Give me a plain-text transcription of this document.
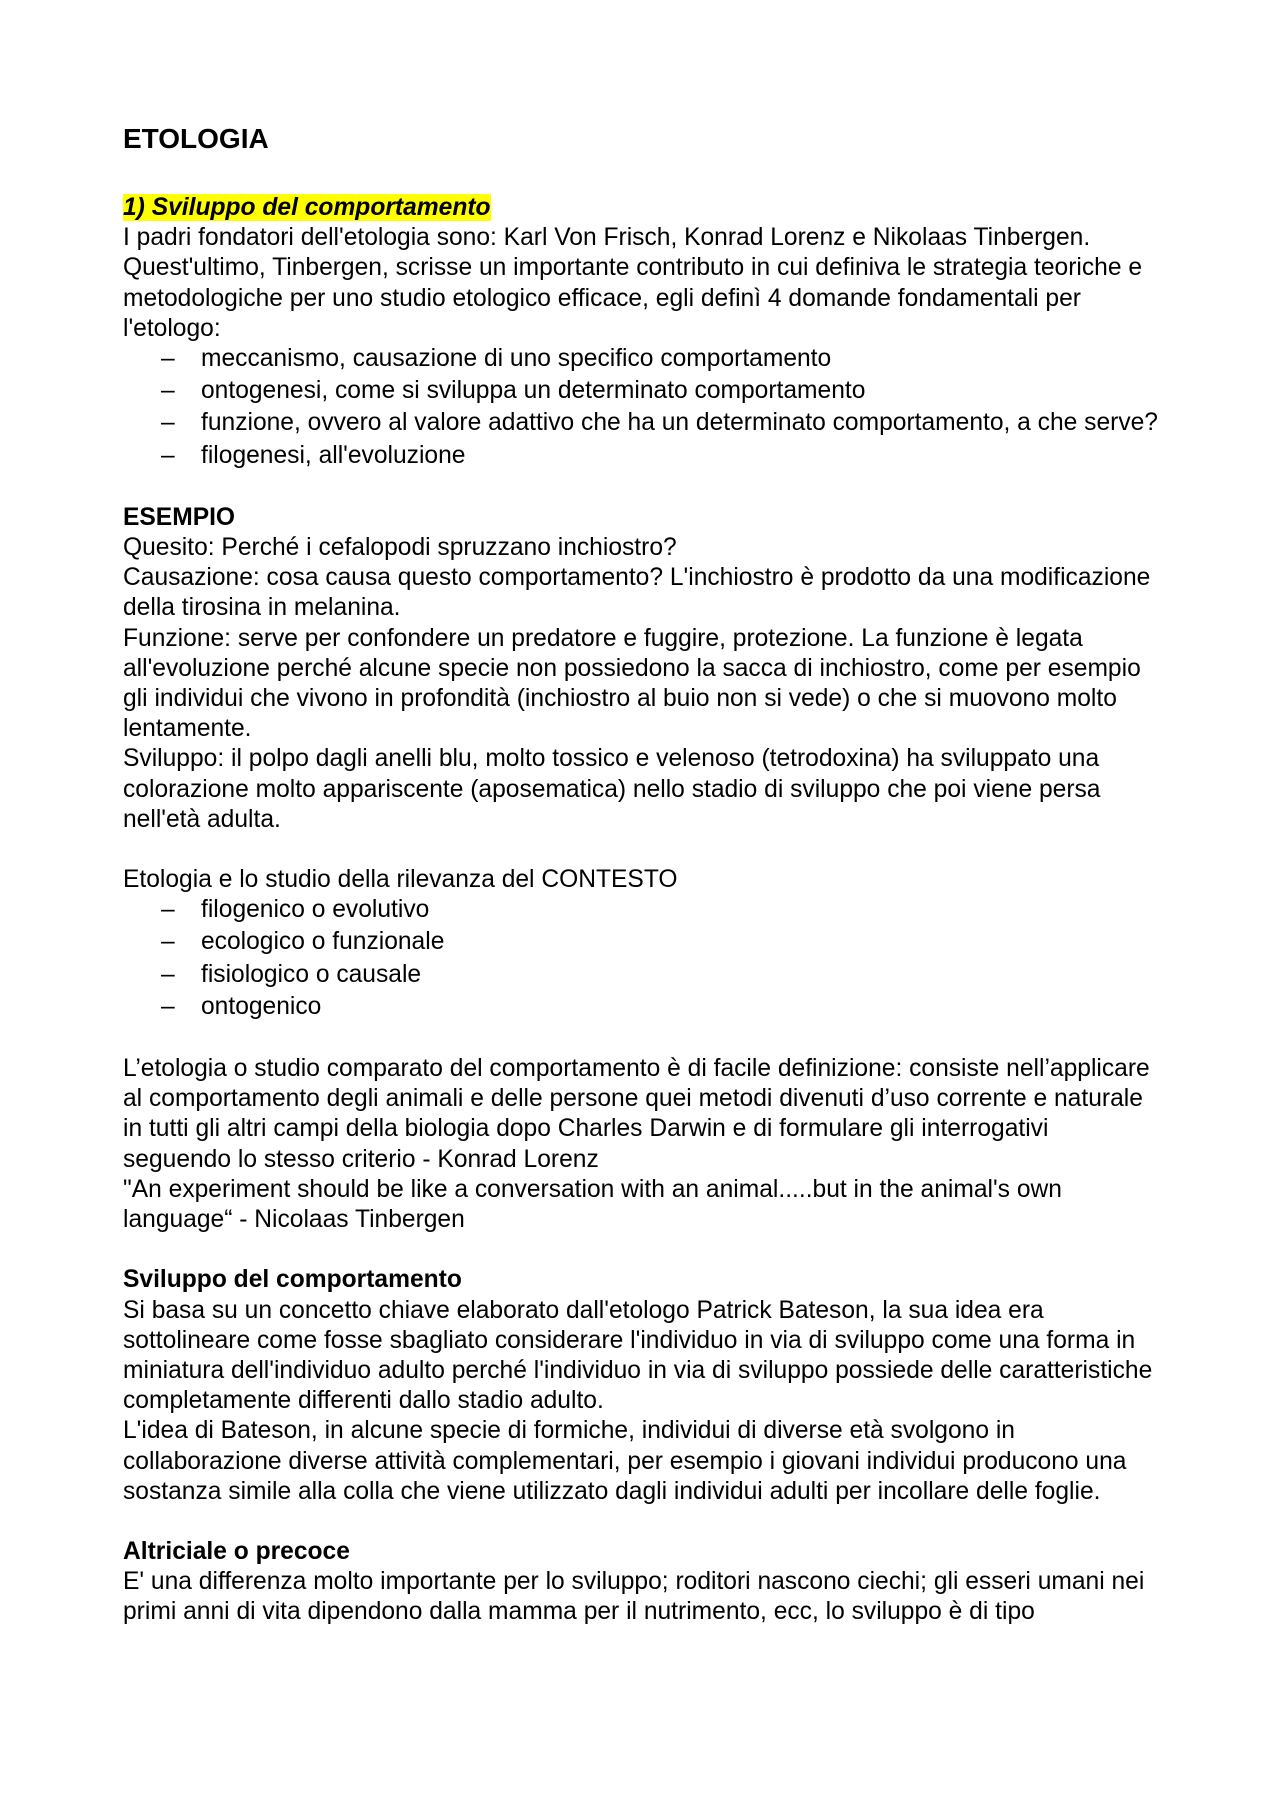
ETOLOGIA
1) Sviluppo del comportamento

I padri fondatori dell'etologia sono: Karl Von Frisch, Konrad Lorenz e Nikolaas Tinbergen. Quest'ultimo, Tinbergen, scrisse un importante contributo in cui definiva le strategia teoriche e metodologiche per uno studio etologico efficace, egli definì 4 domande fondamentali per l'etologo:

– meccanismo, causazione di uno specifico comportamento
– ontogenesi, come si sviluppa un determinato comportamento
– funzione, ovvero al valore adattivo che ha un determinato comportamento, a che serve?
– filogenesi, all'evoluzione

ESEMPIO

Quesito: Perché i cefalopodi spruzzano inchiostro?

Causazione: cosa causa questo comportamento? L'inchiostro è prodotto da una modificazione della tirosina in melanina.

Funzione: serve per confondere un predatore e fuggire, protezione. La funzione è legata all'evoluzione perché alcune specie non possiedono la sacca di inchiostro, come per esempio gli individui che vivono in profondità (inchiostro al buio non si vede) o che si muovono molto lentamente.

Sviluppo: il polpo dagli anelli blu, molto tossico e velenoso (tetrodoxina) ha sviluppato una colorazione molto appariscente (aposematica) nello stadio di sviluppo che poi viene persa nell'età adulta.

Etologia e lo studio della rilevanza del CONTESTO

– filogenico o evolutivo
– ecologico o funzionale
– fisiologico o causale
– ontogenico

L’etologia o studio comparato del comportamento è di facile definizione: consiste nell’applicare al comportamento degli animali e delle persone quei metodi divenuti d’uso corrente e naturale in tutti gli altri campi della biologia dopo Charles Darwin e di formulare gli interrogativi seguendo lo stesso criterio - Konrad Lorenz

"An experiment should be like a conversation with an animal.....but in the animal's own language“ - Nicolaas Tinbergen

Sviluppo del comportamento

Si basa su un concetto chiave elaborato dall'etologo Patrick Bateson, la sua idea era sottolineare come fosse sbagliato considerare l'individuo in via di sviluppo come una forma in miniatura dell'individuo adulto perché l'individuo in via di sviluppo possiede delle caratteristiche completamente differenti dallo stadio adulto.

L'idea di Bateson, in alcune specie di formiche, individui di diverse età svolgono in collaborazione diverse attività complementari, per esempio i giovani individui producono una sostanza simile alla colla che viene utilizzato dagli individui adulti per incollare delle foglie.

Altriciale o precoce

E' una differenza molto importante per lo sviluppo; roditori nascono ciechi; gli esseri umani nei primi anni di vita dipendono dalla mamma per il nutrimento, ecc, lo sviluppo è di tipo
